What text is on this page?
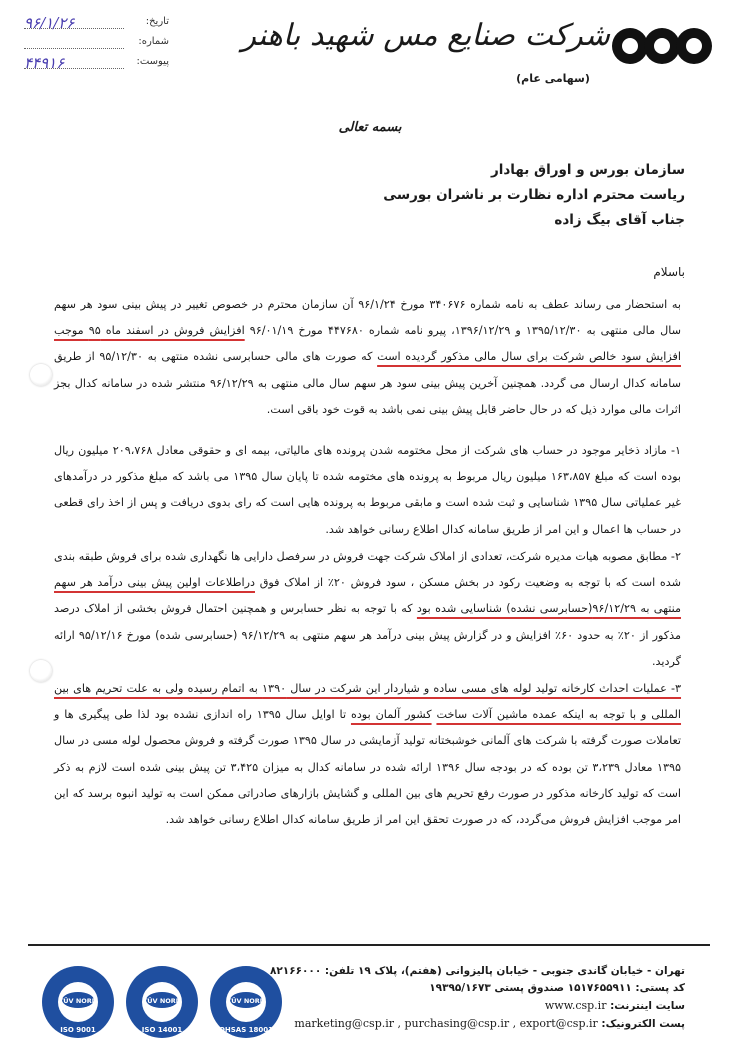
شرکت صنایع مس شهید باهنر
(سهامی عام)
تاریخ:
۹۶/۱/۲۶
شماره:
پیوست:
۴۴۹۱۶
بسمه تعالی
سازمان بورس و اوراق بهادار
ریاست محترم اداره نظارت بر ناشران بورسی
جناب آقای بیگ زاده
باسلام
به استحضار می رساند عطف به نامه شماره ۳۴۰۶۷۶ مورخ ۹۶/۱/۲۴ آن سازمان محترم در خصوص تغییر در پیش بینی سود هر سهم سال مالی منتهی به ۱۳۹۵/۱۲/۳۰ و ۱۳۹۶/۱۲/۲۹، پیرو نامه شماره ۴۴۷۶۸۰ مورخ ۹۶/۰۱/۱۹ افزایش فروش در اسفند ماه ۹۵ موجب افزایش سود خالص شرکت برای سال مالی مذکور گردیده است که صورت های مالی حسابرسی نشده منتهی به ۹۵/۱۲/۳۰ از طریق سامانه کدال ارسال می گردد. همچنین آخرین پیش بینی سود هر سهم سال مالی منتهی به ۹۶/۱۲/۲۹ منتشر شده در سامانه کدال بجز اثرات مالی موارد ذیل که در حال حاضر قابل پیش بینی نمی باشد به قوت خود باقی است.
۱- مازاد ذخایر موجود در حساب های شرکت از محل مختومه شدن پرونده های مالیاتی، بیمه ای و حقوقی معادل ۲۰۹،۷۶۸ میلیون ریال بوده است که مبلغ ۱۶۳،۸۵۷ میلیون ریال مربوط به پرونده های مختومه شده تا پایان سال ۱۳۹۵ می باشد که مبلغ مذکور در درآمدهای غیر عملیاتی سال ۱۳۹۵ شناسایی و ثبت شده است و مابقی مربوط به پرونده هایی است که رای بدوی دریافت و پس از اخذ رای قطعی در حساب ها اعمال و این امر از طریق سامانه کدال اطلاع رسانی خواهد شد.
۲- مطابق مصوبه هیات مدیره شرکت، تعدادی از املاک شرکت جهت فروش در سرفصل دارایی ها نگهداری شده برای فروش طبقه بندی شده است که با توجه به وضعیت رکود در بخش مسکن ، سود فروش ۲۰٪ از املاک فوق دراطلاعات اولین پیش بینی درآمد هر سهم منتهی به ۹۶/۱۲/۲۹(حسابرسی نشده) شناسایی شده بود که با توجه به نظر حسابرس و همچنین احتمال فروش بخشی از املاک درصد مذکور از ۲۰٪ به حدود ۶۰٪ افزایش و در گزارش پیش بینی درآمد هر سهم منتهی به ۹۶/۱۲/۲۹ (حسابرسی شده) مورخ ۹۵/۱۲/۱۶ ارائه گردید.
۳- عملیات احداث کارخانه تولید لوله های مسی ساده و شیاردار این شرکت در سال ۱۳۹۰ به اتمام رسیده ولی به علت تحریم های بین المللی و با توجه به اینکه عمده ماشین آلات ساخت کشور آلمان بوده تا اوایل سال ۱۳۹۵ راه اندازی نشده بود لذا طی پیگیری ها و تعاملات صورت گرفته با شرکت های آلمانی خوشبختانه تولید آزمایشی در سال ۱۳۹۵ صورت گرفته و فروش محصول لوله مسی در سال ۱۳۹۵ معادل ۳،۲۳۹ تن بوده که در بودجه سال ۱۳۹۶ ارائه شده در سامانه کدال به میزان ۳،۴۲۵ تن پیش بینی شده است لازم به ذکر است که تولید کارخانه مذکور در صورت رفع تحریم های بین المللی و گشایش بازارهای صادراتی ممکن است به تولید انبوه برسد که این امر موجب افزایش فروش می‌گردد، که در صورت تحقق این امر از طریق سامانه کدال اطلاع رسانی خواهد شد.
TÜV NORD
OHSAS 18001
TÜV NORD
ISO 14001
TÜV NORD
ISO 9001
تهران - خیابان گاندی جنوبی - خیابان پالیزوانی (هفتم)، پلاک ۱۹ تلفن: ۸۲۱۶۶۰۰۰
کد پستی: ۱۵۱۷۶۵۵۹۱۱ صندوق پستی ۱۹۳۹۵/۱۶۷۳
سایت اینترنت: www.csp.ir
پست الکترونیک: marketing@csp.ir , purchasing@csp.ir , export@csp.ir
